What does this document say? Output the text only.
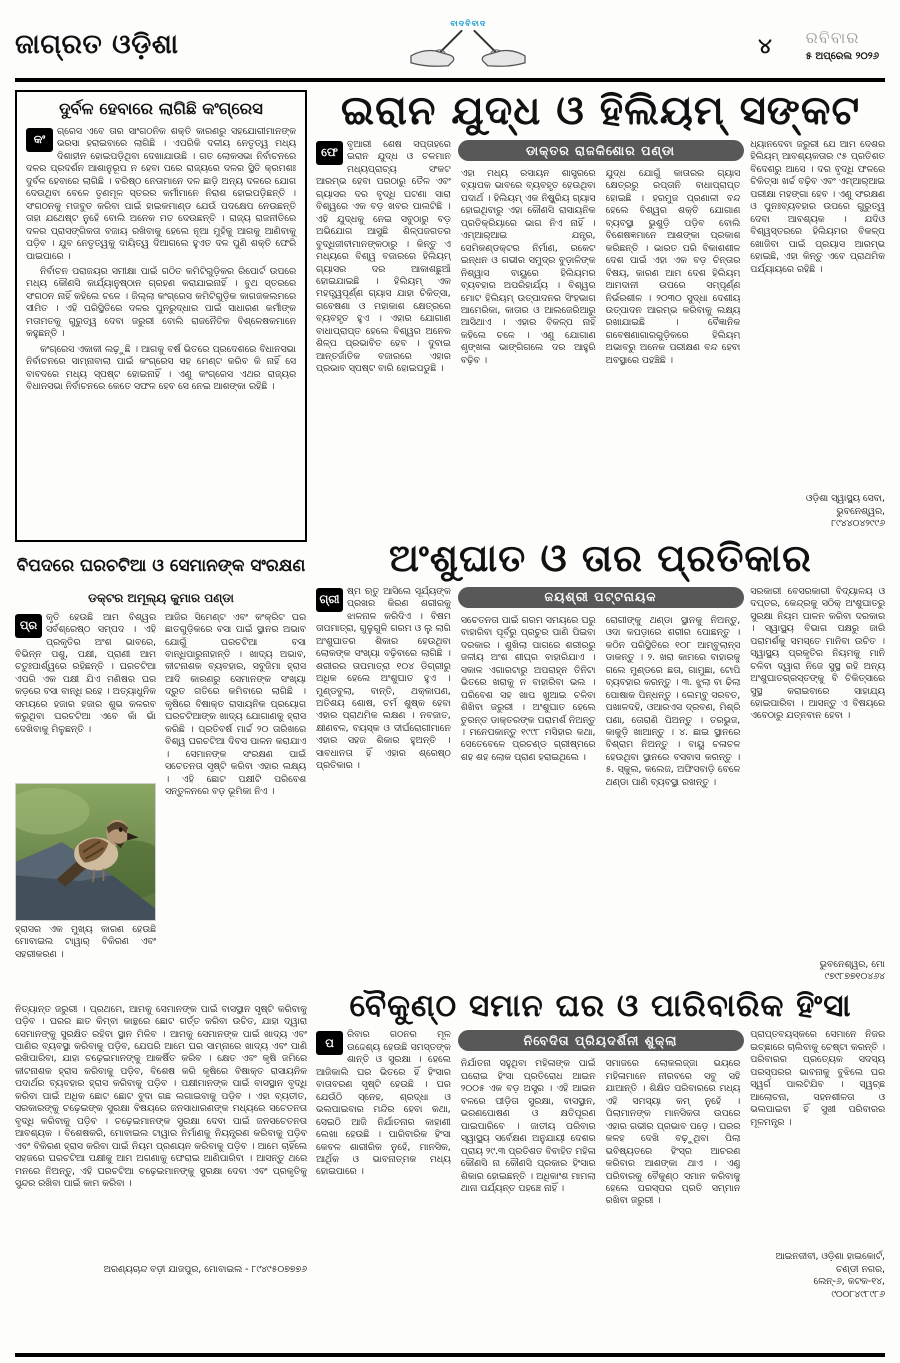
ଜାଗ୍ରତ ଓଡ଼ିଶା
ବାଦବିବାଦ
୪ ରବିବାର
୫ ଅପ୍ରେଲ ୨୦୨୬
ଦୁର୍ବଳ ହେବାରେ ଲାଗିଛି କଂଗ୍ରେସ
କଂ
ଗ୍ରେସ ଏବେ ତାର ସାଂଗଠନିକ ଶକ୍ତି କାରଣରୁ ସହଯୋଗୀମାନଙ୍କ ଭରସା ହରାଇବାରେ ଲାଗିଛି । ଏପରିକି ଦଳୀୟ ନେତୃତ୍ୱ ମଧ୍ୟ ଦିଶାହୀନ ହୋଇପଡ଼ିଥିବା ଦେଖାଯାଉଛି । ଗତ ଲୋକସଭା ନିର୍ବାଚନରେ ଦଳର ପ୍ରଦର୍ଶନ ଆଶାନୁରୂପ ନ ହେବା ପରେ ରାଜ୍ୟରେ ଦଳର ସ୍ଥିତି କ୍ରମଶଃ ଦୁର୍ବଳ ହେବାରେ ଲାଗିଛି । ବରିଷ୍ଠ ନେତାମାନେ ଦଳ ଛାଡ଼ି ଅନ୍ୟ ଦଳରେ ଯୋଗ ଦେଉଥିବା ବେଳେ ତୃଣମୂଳ ସ୍ତରର କର୍ମୀମାନେ ନିରାଶ ହୋଇପଡ଼ିଛନ୍ତି । ସଂଗଠନକୁ ମଜବୁତ କରିବା ପାଇଁ ହାଇକମାଣ୍ଡ ଯେଉଁ ପଦକ୍ଷେପ ନେଉଛନ୍ତି ତାହା ଯଥେଷ୍ଟ ନୁହେଁ ବୋଲି ଅନେକ ମତ ଦେଉଛନ୍ତି । ରାଜ୍ୟ ରାଜନୀତିରେ ଦଳର ପ୍ରାସଙ୍ଗିକତା ବଜାୟ ରଖିବାକୁ ହେଲେ ନୂଆ ମୁହଁକୁ ଆଗକୁ ଆଣିବାକୁ ପଡ଼ିବ । ଯୁବ ନେତୃତ୍ୱକୁ ଦାୟିତ୍ୱ ଦିଆଗଲେ ହୁଏତ ଦଳ ପୁଣି ଶକ୍ତି ଫେରି ପାଇପାରେ ।

ନିର୍ବାଚନ ପରାଜୟର ସମୀକ୍ଷା ପାଇଁ ଗଠିତ କମିଟିଗୁଡ଼ିକର ରିପୋର୍ଟ ଉପରେ ମଧ୍ୟ କୌଣସି କାର୍ଯ୍ୟାନୁଷ୍ଠାନ ଗ୍ରହଣ କରାଯାଇନାହିଁ । ବୁଥ ସ୍ତରରେ ସଂଗଠନ ନାହିଁ କହିଲେ ଚଳେ । ଜିଲ୍ଲା କଂଗ୍ରେସ କମିଟିଗୁଡ଼ିକ କାଗଜକଲମରେ ସୀମିତ । ଏହି ପରିସ୍ଥିତିରେ ଦଳର ପୁନରୁଦ୍ଧାର ପାଇଁ ସାଧାରଣ କର୍ମୀଙ୍କ ମତାମତକୁ ଗୁରୁତ୍ୱ ଦେବା ଜରୁରୀ ବୋଲି ରାଜନୈତିକ ବିଶ୍ଳେଷକମାନେ କହୁଛନ୍ତି ।

କଂଗ୍ରେସ ଏକାକୀ ଲଢ଼ୁଛି । ଆଗକୁ ବର୍ଷ ଭିତରେ ପ୍ରଦେଶରେ ବିଧାନସଭା ନିର୍ବାଚନରେ ସାମ୍ନାବାଲା ପାଇଁ କଂଗ୍ରେସ ସହ ମେଣ୍ଟ କରିବ କି ନାହିଁ ସେ ବାବଦରେ ମଧ୍ୟ ସ୍ପଷ୍ଟ ହୋଇନାହିଁ । ଏଣୁ କଂଗ୍ରେସ ଏଥର ରାଜ୍ୟର ବିଧାନସଭା ନିର୍ବାଚନରେ କେତେ ସଫଳ ହେବ ସେ ନେଇ ଆଶଙ୍କା ରହିଛି ।

ବିପଦରେ ଘରଚଟିଆ ଓ ସେମାନଙ୍କ ସଂରକ୍ଷଣ
ଡକ୍ଟର ଅମୂଲ୍ୟ କୁମାର ପଣ୍ଡା
ପ୍ର
କୃତି ହେଉଛି ଆମ ବିଶ୍ୱର ସର୍ବଶ୍ରେଷ୍ଠ ସମ୍ପଦ । ଏହି ପ୍ରକୃତିର ଅଂଶ ଭାବରେ, ବିଭିନ୍ନ ପଶୁ, ପକ୍ଷୀ, ପ୍ରାଣୀ ଆମ ଚତୁଃପାର୍ଶ୍ୱରେ ରହିଛନ୍ତି । ଘରଚଟିଆ ଏପରି ଏକ ପକ୍ଷୀ ଯିଏ ମଣିଷର ଘର କଡ଼ରେ ବସା ବାନ୍ଧି ରହେ । ଅତ୍ୟାଧୁନିକ ସମୟରେ ହଜାର ହଜାର ଶୁଭ କଳରବ କରୁଥିବା ଘରଚଟିଆ ଏବେ କାଁ ଭାଁ ଦେଖିବାକୁ ମିଳୁଛନ୍ତି ।
ହ୍ରାସର ଏକ ମୁଖ୍ୟ କାରଣ ହେଉଛି ମୋବାଇଲ ଟାୱାର୍ ବିକିରଣ ଏବଂ ସହରୀକରଣ ।
ଆଜିର ସିମେଣ୍ଟ ଏବଂ କଂକ୍ରିଟ ଘର ଛାତଗୁଡ଼ିକରେ ବସା ପାଇଁ ସ୍ଥାନର ଅଭାବ ଯୋଗୁଁ ଘରଚଟିଆ ବସା ବାନ୍ଧିପାରୁନାହାନ୍ତି । ଖାଦ୍ୟ ଅଭାବ, କୀଟନାଶକ ବ୍ୟବହାର, ସବୁଜିମା ହ୍ରାସ ଆଦି କାରଣରୁ ସେମାନଙ୍କ ସଂଖ୍ୟା ଦ୍ରୁତ ଗତିରେ କମିବାରେ ଲାଗିଛି । କୃଷିରେ ବିଷାକ୍ତ ରାସାୟନିକ ପ୍ରୟୋଗ ଘରଚଟିଆଙ୍କ ଖାଦ୍ୟ ଯୋଗାଣକୁ ହ୍ରାସ କରିଛି । ପ୍ରତିବର୍ଷ ମାର୍ଚ୍ଚ ୨୦ ତାରିଖରେ ବିଶ୍ୱ ଘରଚଟିଆ ଦିବସ ପାଳନ କରାଯାଏ । ସେମାନଙ୍କ ସଂରକ୍ଷଣ ପାଇଁ ସଚେତନତା ସୃଷ୍ଟି କରିବା ଏହାର ଲକ୍ଷ୍ୟ । ଏହି ଛୋଟ ପକ୍ଷୀଟି ପରିବେଶ ସନ୍ତୁଳନରେ ବଡ଼ ଭୂମିକା ନିଏ ।
ନିତ୍ୟାନ୍ତ ଜରୁରୀ । ପ୍ରଥମେ, ଆମକୁ ସେମାନଙ୍କ ପାଇଁ ବାସସ୍ଥାନ ସୃଷ୍ଟି କରିବାକୁ ପଡ଼ିବ । ଘରର ଛାତ କିମ୍ବା କାନ୍ଥରେ ଛୋଟ ଗର୍ତ୍ତ କରିବା ଉଚିତ, ଯାହା ଦ୍ୱାରା ସେମାନଙ୍କୁ ସୁରକ୍ଷିତ ରହିବା ସ୍ଥାନ ମିଳିବ । ଆମକୁ ସେମାନଙ୍କ ପାଇଁ ଖାଦ୍ୟ ଏବଂ ପାଣିର ବ୍ୟବସ୍ଥା କରିବାକୁ ପଡ଼ିବ, ଯେପରି ଆମେ ଘର ସାମ୍ନାରେ ଖାଦ୍ୟ ଏବଂ ପାଣି ରଖିପାରିବା, ଯାହା ଚଢ଼େଇମାନଙ୍କୁ ଆକର୍ଷିତ କରିବ । କ୍ଷେତ ଏବଂ କୃଷି ଜମିରେ କୀଟନାଶକ ହ୍ରାସ କରିବାକୁ ପଡ଼ିବ, ବିଶେଷ କରି କୃଷିରେ ବିଷାକ୍ତ ରାସାୟନିକ ପଦାର୍ଥର ବ୍ୟବହାର ହ୍ରାସ କରିବାକୁ ପଡ଼ିବ । ପକ୍ଷୀମାନଙ୍କ ପାଇଁ ବାସସ୍ଥାନ ବୃଦ୍ଧି କରିବା ପାଇଁ ଅଧିକ ଛୋଟ ଛୋଟ ବୁଦା ଗଛ ଲଗାଇବାକୁ ପଡ଼ିବ । ଏହା ବ୍ୟତୀତ, ସରକାରଙ୍କୁ ଚଢ଼େଇଙ୍କ ସୁରକ୍ଷା ବିଷୟରେ ଜନସାଧାରଣଙ୍କ ମଧ୍ୟରେ ସଚେତନତା ବୃଦ୍ଧି କରିବାକୁ ପଡ଼ିବ । ଚଢ଼େଇମାନଙ୍କ ସୁରକ୍ଷା ଦେବା ପାଇଁ ଜନସଚେତନତା ଆବଶ୍ୟକ । ବିଶେଷକରି, ମୋବାଇଲ ଟାୱାର ନିର୍ମାଣକୁ ନିୟନ୍ତ୍ରଣ କରିବାକୁ ପଡ଼ିବ ଏବଂ ବିକିରଣ ହ୍ରାସ କରିବା ପାଇଁ ନିୟମ ପ୍ରଣୟନ କରିବାକୁ ପଡ଼ିବ । ଆମେ ଚାହିଁଲେ ସହଜରେ ଘରଚଟିଆ ପକ୍ଷୀକୁ ଆମ ଅଗଣାକୁ ଫେରାଇ ଆଣିପାରିବା । ଆସନ୍ତୁ ଥରେ ମନରେ ନିଅନ୍ତୁ, ଏହି ଘରଚଟିଆ ଚଢ଼େଇମାନଙ୍କୁ ସୁରକ୍ଷା ଦେବା ଏବଂ ପ୍ରକୃତିକୁ ସୁନ୍ଦର ରଖିବା ପାଇଁ କାମ କରିବା ।
ଅରଣ୍ୟଚାନ୍ଦ ବଡ଼ୀ ଯାଜପୁର, ମୋବାଇଲ - ୮୯୪୯୫୦୭୭୭୬
ଇରାନ ଯୁଦ୍ଧ ଓ ହିଲିୟମ୍ ସଙ୍କଟ
ଫେ
ବୃଆରୀ ଶେଷ ସପ୍ତାହରେ ଇରାନ ଯୁଦ୍ଧ ଓ ଚଳମାନ ମଧ୍ୟପ୍ରାଚ୍ୟ ସଂକଟ ଆରମ୍ଭ ହେବା ପରଠାରୁ ତୈଳ ଏବଂ ଗ୍ୟାସର ଦର ବୃଦ୍ଧି ଘଟଣା ସାରା ବିଶ୍ୱରେ ଏକ ବଡ଼ ଖବର ପାଲଟିଛି । ଏହି ଯୁଦ୍ଧକୁ ନେଇ ସବୁଠାରୁ ବଡ଼ ଅଭିଯୋଗ ଆସୁଛି ଶିଳ୍ପଜଗତର ବୁଦ୍ଧିଜୀବୀମାନଙ୍କଠାରୁ । କିନ୍ତୁ ଏ ମଧ୍ୟରେ ବିଶ୍ୱ ବଜାରରେ ହିଲିୟମ୍ ଗ୍ୟାସର ଦର ଆକାଶଛୁଆଁ ହୋଇଯାଇଛି । ହିଲିୟମ୍ ଏକ ମହତ୍ତ୍ୱପୂର୍ଣ୍ଣ ଗ୍ୟାସ ଯାହା ଚିକିତ୍ସା, ଗବେଷଣା ଓ ମହାକାଶ କ୍ଷେତ୍ରରେ ବ୍ୟବହୃତ ହୁଏ । ଏହାର ଯୋଗାଣ ବାଧାପ୍ରାପ୍ତ ହେଲେ ବିଶ୍ୱର ଅନେକ ଶିଳ୍ପ ପ୍ରଭାବିତ ହେବ । ଦୁବାଇ ଆନ୍ତର୍ଜାତିକ ବଜାରରେ ଏହାର ପ୍ରଭାବ ସ୍ପଷ୍ଟ ବାରି ହୋଇପଡୁଛି ।
ଏହା ମଧ୍ୟ ରସାୟନ ଶାସ୍ତ୍ରରେ ବ୍ୟାପକ ଭାବରେ ବ୍ୟବହୃତ ହେଉଥିବା ପଦାର୍ଥ । ହିଲିୟମ୍ ଏକ ନିଷ୍କ୍ରିୟ ଗ୍ୟାସ ହୋଇଥିବାରୁ ଏହା କୌଣସି ରାସାୟନିକ ପ୍ରତିକ୍ରିୟାରେ ଭାଗ ନିଏ ନାହିଁ । ଏମ୍‌ଆର୍‌ଆଇ ଯନ୍ତ୍ର, ସେମିକଣ୍ଡକ୍ଟର ନିର୍ମାଣ, ରକେଟ ଇନ୍ଧନ ଓ ଗଭୀର ସମୁଦ୍ର ବୁଡ଼ାଳିଙ୍କ ନିଶ୍ୱାସ ବାୟୁରେ ହିଲିୟମର ବ୍ୟବହାର ଅପରିହାର୍ଯ୍ୟ । ବିଶ୍ୱର ମୋଟ ହିଲିୟମ୍ ଉତ୍ପାଦନର ସିଂହଭାଗ ଆମେରିକା, କାତାର ଓ ଆଲଜେରିଆରୁ ଆସିଥାଏ । ଏହାର ବିକଳ୍ପ ନାହିଁ କହିଲେ ଚଳେ । ଏଣୁ ଯୋଗାଣ ଶୃଙ୍ଖଳା ଭାଙ୍ଗିଗଲେ ଦର ଆହୁରି ବଢ଼ିବ ।
ଯୁଦ୍ଧ ଯୋଗୁଁ କାତାରର ଗ୍ୟାସ କ୍ଷେତ୍ରରୁ ରପ୍ତାନି ବାଧାପ୍ରାପ୍ତ ହୋଇଛି । ହରମୁଜ ପ୍ରଣାଳୀ ବନ୍ଦ ହେଲେ ବିଶ୍ୱର ଶକ୍ତି ଯୋଗାଣ ବ୍ୟବସ୍ଥା ଭୁଶୁଡ଼ି ପଡ଼ିବ ବୋଲି ବିଶେଷଜ୍ଞମାନେ ଆଶଙ୍କା ପ୍ରକାଶ କରିଛନ୍ତି । ଭାରତ ପରି ବିକାଶଶୀଳ ଦେଶ ପାଇଁ ଏହା ଏକ ବଡ଼ ଚିନ୍ତାର ବିଷୟ, କାରଣ ଆମ ଦେଶ ହିଲିୟମ୍ ଆମଦାନୀ ଉପରେ ସମ୍ପୂର୍ଣ୍ଣ ନିର୍ଭରଶୀଳ । ୨୦୩୦ ସୁଦ୍ଧା ଦେଶୀୟ ଉତ୍ପାଦନ ଆରମ୍ଭ କରିବାକୁ ଲକ୍ଷ୍ୟ ରଖାଯାଇଛି । ବୈଜ୍ଞାନିକ ଗବେଷଣାଗାରଗୁଡ଼ିକରେ ହିଲିୟମ୍ ଅଭାବରୁ ଅନେକ ପରୀକ୍ଷଣ ବନ୍ଦ ହେବା ଅବସ୍ଥାରେ ପହଞ୍ଚିଛି ।
ଧ୍ୟାନଦେବା ଜରୁରୀ ଯେ ଆମ ଦେଶର ହିଲିୟମ୍ ଆବଶ୍ୟକତାର ୯୫ ପ୍ରତିଶତ ବିଦେଶରୁ ଆସେ । ଦର ବୃଦ୍ଧି ଫଳରେ ଚିକିତ୍ସା ଖର୍ଚ୍ଚ ବଢ଼ିବ ଏବଂ ଏମ୍‌ଆର୍‌ଆଇ ପରୀକ୍ଷା ମହଙ୍ଗା ହେବ । ଏଣୁ ସଂରକ୍ଷଣ ଓ ପୁନଃବ୍ୟବହାର ଉପରେ ଗୁରୁତ୍ୱ ଦେବା ଆବଶ୍ୟକ । ଯଦିଓ ବିଶ୍ୱସ୍ତରରେ ହିଲିୟମର ବିକଳ୍ପ ଖୋଜିବା ପାଇଁ ପ୍ରୟାସ ଆରମ୍ଭ ହୋଇଛି, ଏହା କିନ୍ତୁ ଏବେ ପ୍ରାଥମିକ ପର୍ଯ୍ୟାୟରେ ରହିଛି ।
ଓଡ଼ିଶା ସ୍ୱାସ୍ଥ୍ୟ ସେବା, ଭୁବନେଶ୍ୱର,
୮୯୪୪୦୪୨୯୯୬
ଡାକ୍ତର ରାଜକିଶୋର ପଣ୍ଡା
ଅଂଶୁଘାତ ଓ ତାର ପ୍ରତିକାର
ଗ୍ରୀ
ଷ୍ମ ଋତୁ ଆସିଲେ ସୂର୍ଯ୍ୟଙ୍କ ପ୍ରଖର କିରଣ ଶରୀରକୁ ଝାଳନାଳ କରିଦିଏ । ବିଷମ ତାପମାତ୍ରା, ଗୁଳୁଗୁଳି ଗରମ ଓ ଲୁ ଲାଗି ଅଂଶୁଘାତର ଶିକାର ହେଉଥିବା ଲୋକଙ୍କ ସଂଖ୍ୟା ବଢ଼ିବାରେ ଲାଗିଛି । ଶରୀରର ତାପମାତ୍ରା ୧୦୪ ଡିଗ୍ରୀରୁ ଅଧିକ ହେଲେ ଅଂଶୁଘାତ ହୁଏ । ମୁଣ୍ଡବୁଲା, ବାନ୍ତି, ଥକ୍କାପଣ, ଅତିଶୟ ଶୋଷ, ଚର୍ମ ଶୁଷ୍କ ହେବା ଏହାର ପ୍ରାଥମିକ ଲକ୍ଷଣ । ନବଜାତ, କ୍ଷୀଣବଳ, ବୟସ୍କ ଓ ଦୀର୍ଘରୋଗୀମାନେ ଏହାର ସହଜ ଶିକାର ହୁଅନ୍ତି । ସାବଧାନତା ହିଁ ଏହାର ଶ୍ରେଷ୍ଠ ପ୍ରତିକାର ।
ସଚେତନତା ପାଇଁ ଗରମ ସମୟରେ ଘରୁ ବାହାରିବା ପୂର୍ବରୁ ପ୍ରଚୁର ପାଣି ପିଇବା ଦରକାର । ଶୁଖିଲା ପାଗରେ ଶରୀରରୁ ଜଳୀୟ ଅଂଶ ଶୀଘ୍ର ବାହାରିଯାଏ । ସକାଳ ଏଗାରଟାରୁ ଅପରାହ୍ନ ତିନିଟା ଭିତରେ ଖରାକୁ ନ ବାହାରିବା ଭଲ । ପରିବେଶ ସହ ଖାପ ଖୁଆଇ ଚଳିବା ଶିଖିବା ଜରୁରୀ । ଅଂଶୁଘାତ ହେଲେ ତୁରନ୍ତ ଡାକ୍ତରଙ୍କ ପରାମର୍ଶ ନିଅନ୍ତୁ । ମନେପକାନ୍ତୁ ୧୯୯୮ ମସିହାର କଥା, ସେତେବେଳେ ପ୍ରଚଣ୍ଡ ଗ୍ରୀଷ୍ମରେ ଶହ ଶହ ଲୋକ ପ୍ରାଣ ହରାଇଥିଲେ ।
ରୋଗୀଙ୍କୁ ଥଣ୍ଡା ସ୍ଥାନକୁ ନିଅନ୍ତୁ, ଓଦା କପଡ଼ାରେ ଶରୀର ପୋଛନ୍ତୁ । କଠିନ ପରିସ୍ଥିତିରେ ୧୦୮ ଆମ୍ବୁଲାନ୍ସ ଡାକନ୍ତୁ । ୨. ଖରା କାମରେ ବାହାରକୁ ଗଲେ ମୁଣ୍ଡରେ ଛତା, ଗାମୁଛା, ଟୋପି ବ୍ୟବହାର କରନ୍ତୁ । ୩. ଝୁଲା ବା ଢିଲା ପୋଷାକ ପିନ୍ଧନ୍ତୁ । ଲେମ୍ବୁ ସରବତ, ପଖାଳଦହି, ଓଆରଏସ ଦ୍ରବଣ, ମିଶ୍ରି ପଣା, ତୋରାଣି ପିଅନ୍ତୁ । ତରଭୁଜ, କାକୁଡ଼ି ଖାଆନ୍ତୁ । ୪. ଛାଇ ସ୍ଥାନରେ ବିଶ୍ରାମ ନିଅନ୍ତୁ । ବାୟୁ ଚଳାଚଳ ହେଉଥିବା ସ୍ଥାନରେ ବସବାସ କରନ୍ତୁ । ୫. ସ୍କୁଲ, କଲେଜ, ଅଫିସବାଡ଼ି ବେଳେ ଥଣ୍ଡା ପାଣି ବ୍ୟବସ୍ଥା ରଖନ୍ତୁ ।
ସରକାରୀ ବେସରକାରୀ ବିଦ୍ୟାଳୟ ଓ ଦପ୍ତର, କେନ୍ଦ୍ରକୁ ସଠିକ୍ ଅଂଶୁଘାତରୁ ସୁରକ୍ଷା ନିୟମ ପାଳନ କରିବା ଦରକାର । ସ୍ୱାସ୍ଥ୍ୟ ବିଭାଗ ପକ୍ଷରୁ ଜାରି ପରାମର୍ଶକୁ ସମସ୍ତେ ମାନିବା ଉଚିତ । ସ୍ୱାସ୍ଥ୍ୟ ପ୍ରକୃତିର ନିୟମକୁ ମାନି ଚଳିବା ଦ୍ୱାରା ନିଜେ ସୁସ୍ଥ ରହି ଅନ୍ୟ ଅଂଶୁଘାତଗ୍ରସ୍ତଙ୍କୁ ବି ଚିକିତ୍ସାରେ ସୁସ୍ଥ କରାଇବାରେ ସାହାଯ୍ୟ ହୋଇପାରିବା । ଆସନ୍ତୁ ଏ ବିଷୟରେ ଏବେଠାରୁ ଯତ୍ନବାନ ହେବା ।
ଭୁବନେଶ୍ୱର, ମୋ ୯୭୯୮୭୭୧୦୪୬୪
ଜୟଶ୍ରୀ ପଟ୍ଟନାୟକ
ବୈକୁଣ୍ଠ ସମାନ ଘର ଓ ପାରିବାରିକ ହିଂସା
ପ
ରିବାର ଗଠନର ମୂଳ ଉଦ୍ଦେଶ୍ୟ ହେଉଛି ସମସ୍ତଙ୍କ ଶାନ୍ତି ଓ ସୁରକ୍ଷା । ହେଲେ ଆଜିକାଲି ଘର ଭିତରେ ହିଁ ହିଂସାର ବାତାବରଣ ସୃଷ୍ଟି ହେଉଛି । ଘର ଯେଉଁଠି ସ୍ନେହ, ଶ୍ରଦ୍ଧା ଓ ଭଲପାଇବାର ମନ୍ଦିର ହେବା କଥା, ସେଇଠି ଆଜି ନିର୍ଯାତନାର କାହାଣୀ ଲେଖା ହେଉଛି । ପାରିବାରିକ ହିଂସା କେବଳ ଶାରୀରିକ ନୁହେଁ, ମାନସିକ, ଆର୍ଥିକ ଓ ଭାବନାତ୍ମକ ମଧ୍ୟ ହୋଇପାରେ ।
ନିର୍ଯାତନା ସହୁଥିବା ମହିଳାଙ୍କ ପାଇଁ ଘରୋଇ ହିଂସା ପ୍ରତିରୋଧ ଆଇନ ୨୦୦୫ ଏକ ବଡ଼ ଅସ୍ତ୍ର । ଏହି ଆଇନ ବଳରେ ପୀଡ଼ିତା ସୁରକ୍ଷା, ବାସସ୍ଥାନ, ଭରଣପୋଷଣ ଓ କ୍ଷତିପୂରଣ ପାଇପାରିବେ । ଜାତୀୟ ପରିବାର ସ୍ୱାସ୍ଥ୍ୟ ସର୍ବେକ୍ଷଣ ଅନୁଯାୟୀ ଦେଶର ପ୍ରାୟ ୨୯.୩ ପ୍ରତିଶତ ବିବାହିତ ମହିଳା କୌଣସି ନା କୌଣସି ପ୍ରକାର ହିଂସାର ଶିକାର ହୋଇଛନ୍ତି । ଅଧିକାଂଶ ମାମଲା ଥାନା ପର୍ଯ୍ୟନ୍ତ ପହଞ୍ଚେ ନାହିଁ ।
ସମାଜରେ ଲୋକଲଜ୍ଜା ଭୟରେ ମହିଳାମାନେ ନୀରବରେ ସବୁ ସହି ଯାଆନ୍ତି । ଶିକ୍ଷିତ ପରିବାରରେ ମଧ୍ୟ ଏହି ସମସ୍ୟା କମ୍ ନୁହେଁ । ପିଲାମାନଙ୍କ ମାନସିକତା ଉପରେ ଏହାର ଗଭୀର ପ୍ରଭାବ ପଡ଼େ । ଘରର କଳହ ଦେଖି ବଢ଼ୁଥିବା ପିଲା ଭବିଷ୍ୟତରେ ହିଂସ୍ର ଆଚରଣ କରିବାର ଆଶଙ୍କା ଥାଏ । ଏଣୁ ପରିବାରକୁ ବୈକୁଣ୍ଠ ସମାନ କରିବାକୁ ହେଲେ ପରସ୍ପର ପ୍ରତି ସମ୍ମାନ ରଖିବା ଜରୁରୀ ।
ପ୍ରାପ୍ତବୟସ୍କରେ ସେମାନେ ନିଜର ଇଚ୍ଛାରେ ଚାଲିବାକୁ ଚେଷ୍ଟା କରନ୍ତି । ପରିବାରର ପ୍ରତ୍ୟେକ ସଦସ୍ୟ ପରସ୍ପରର ଭାବନାକୁ ବୁଝିଲେ ଘର ସ୍ୱର୍ଗ ପାଲଟିଯିବ । ସ୍ୱଚ୍ଛ ଆଲୋଚନା, ସହନଶୀଳତା ଓ ଭଲପାଇବା ହିଁ ସୁଖୀ ପରିବାରର ମୂଳମନ୍ତ୍ର ।
ଆଇନଜୀବୀ, ଓଡ଼ିଶା ହାଇକୋର୍ଟ, ଚଣ୍ଡୀ ନଗର,
ଲେନ୍-୬, କଟକ-୧୪, ୯୦୦୮୪୯୮୯୮୬
ନିବେଦିତା ପ୍ରିୟଦର୍ଶିନୀ ଶୁକ୍ଲା
